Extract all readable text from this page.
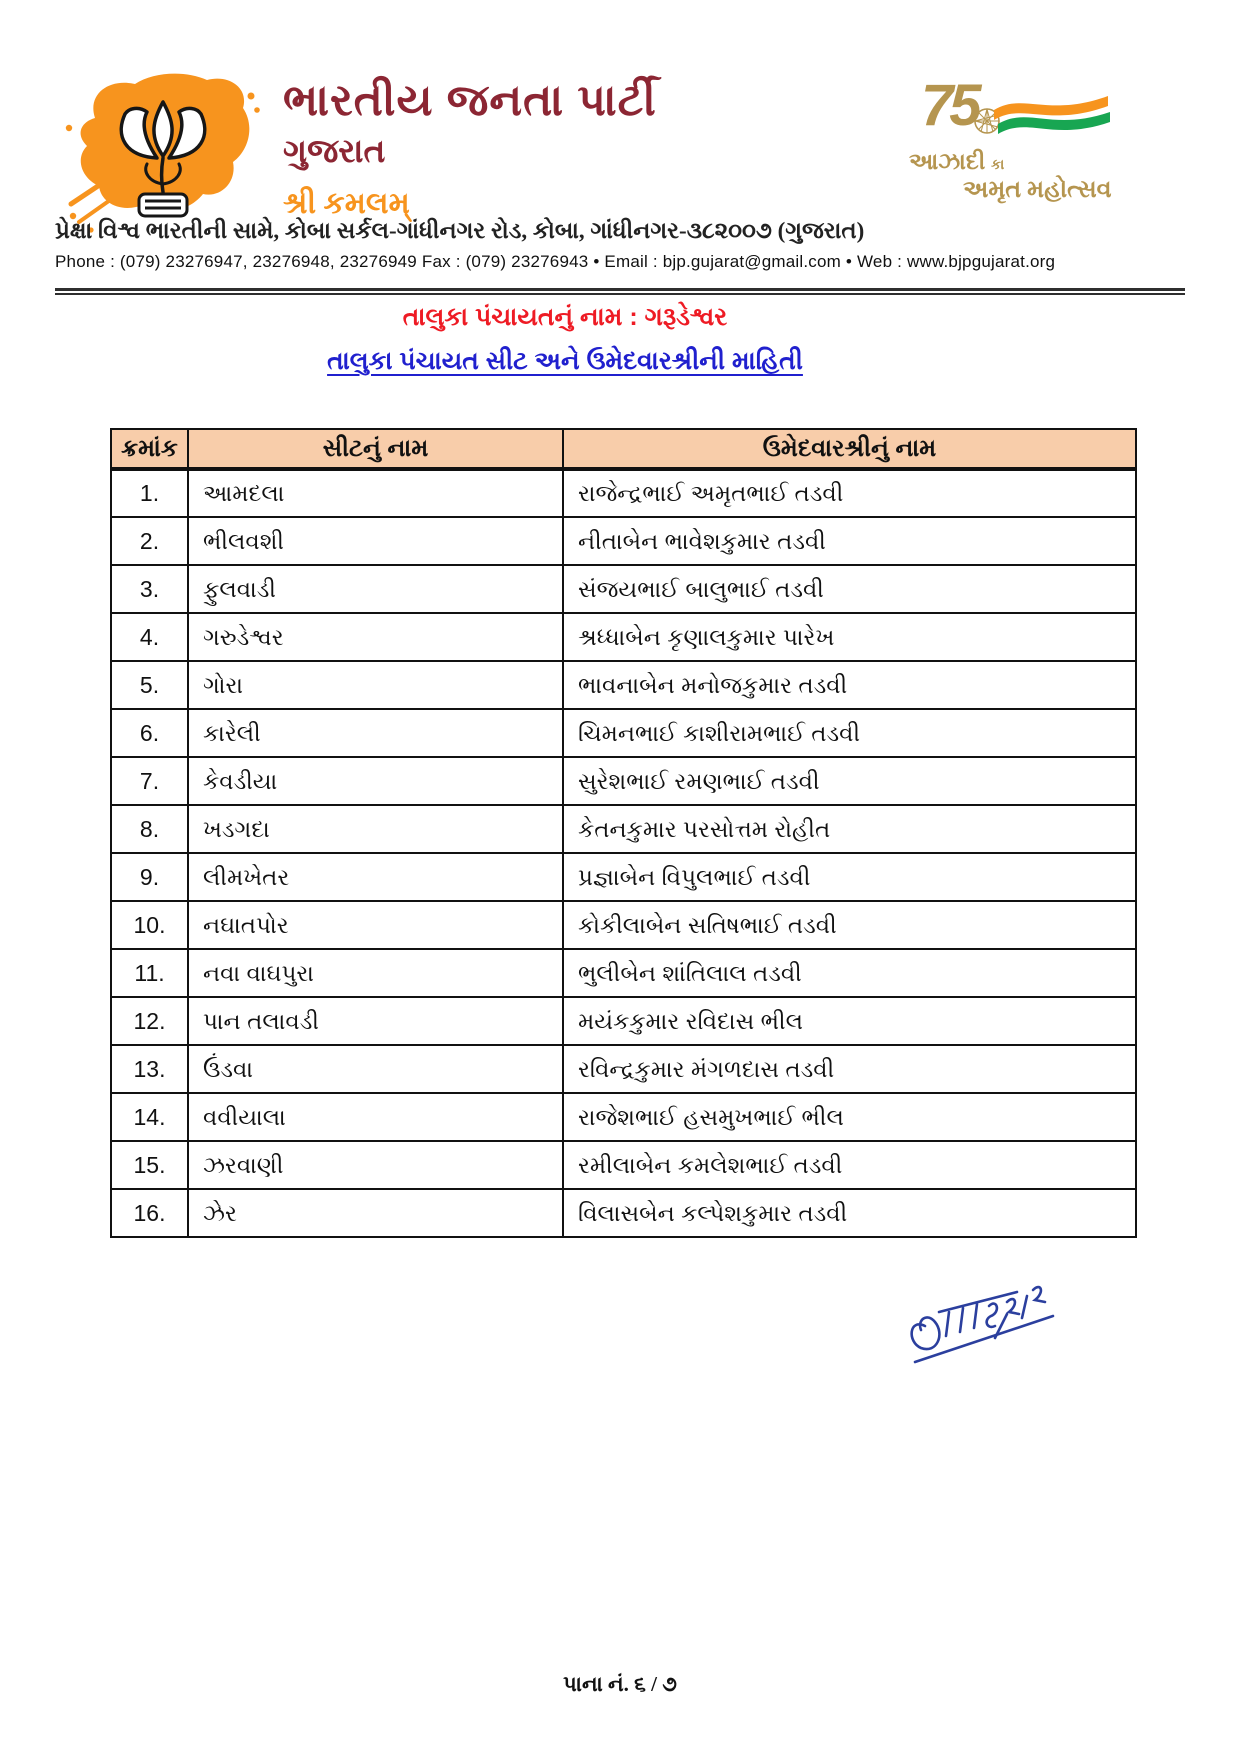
ભારતીય જનતા પાર્ટી
ગુજરાત
શ્રી કમલમ્
75
આઝાદી કા
અમૃત મહોત્સવ
પ્રેક્ષા વિશ્વ ભારતીની સામે, કોબા સર્કલ-ગાંધીનગર રોડ, કોબા, ગાંધીનગર-૩૮૨૦૦૭ (ગુજરાત)
Phone : (079) 23276947, 23276948, 23276949 Fax : (079) 23276943 • Email : bjp.gujarat@gmail.com • Web : www.bjpgujarat.org
તાલુકા પંચાયતનું નામ : ગરૂડેશ્વર
તાલુકા પંચાયત સીટ અને ઉમેદવારશ્રીની માહિતી
ક્રમાંક	સીટનું નામ	ઉમેદવારશ્રીનું નામ
1.	આમદલા	રાજેન્દ્રભાઈ અમૃતભાઈ તડવી
2.	ભીલવશી	નીતાબેન ભાવેશકુમાર તડવી
3.	ફુલવાડી	સંજયભાઈ બાલુભાઈ તડવી
4.	ગરુડેશ્વર	શ્રધ્ધાબેન કૃણાલકુમાર પારેખ
5.	ગોરા	ભાવનાબેન મનોજકુમાર તડવી
6.	કારેલી	ચિમનભાઈ કાશીરામભાઈ તડવી
7.	કેવડીયા	સુરેશભાઈ રમણભાઈ તડવી
8.	ખડગદા	કેતનકુમાર પરસોત્તમ રોહીત
9.	લીમખેતર	પ્રજ્ઞાબેન વિપુલભાઈ તડવી
10.	નઘાતપોર	કોકીલાબેન સતિષભાઈ તડવી
11.	નવા વાઘપુરા	ભુલીબેન શાંતિલાલ તડવી
12.	પાન તલાવડી	મયંકકુમાર રવિદાસ ભીલ
13.	ઉંડવા	રવિન્દ્રકુમાર મંગળદાસ તડવી
14.	વવીયાલા	રાજેશભાઈ હસમુખભાઈ ભીલ
15.	ઝરવાણી	રમીલાબેન કમલેશભાઈ તડવી
16.	ઝેર	વિલાસબેન કલ્પેશકુમાર તડવી
પાના નં. ૬ / ૭
